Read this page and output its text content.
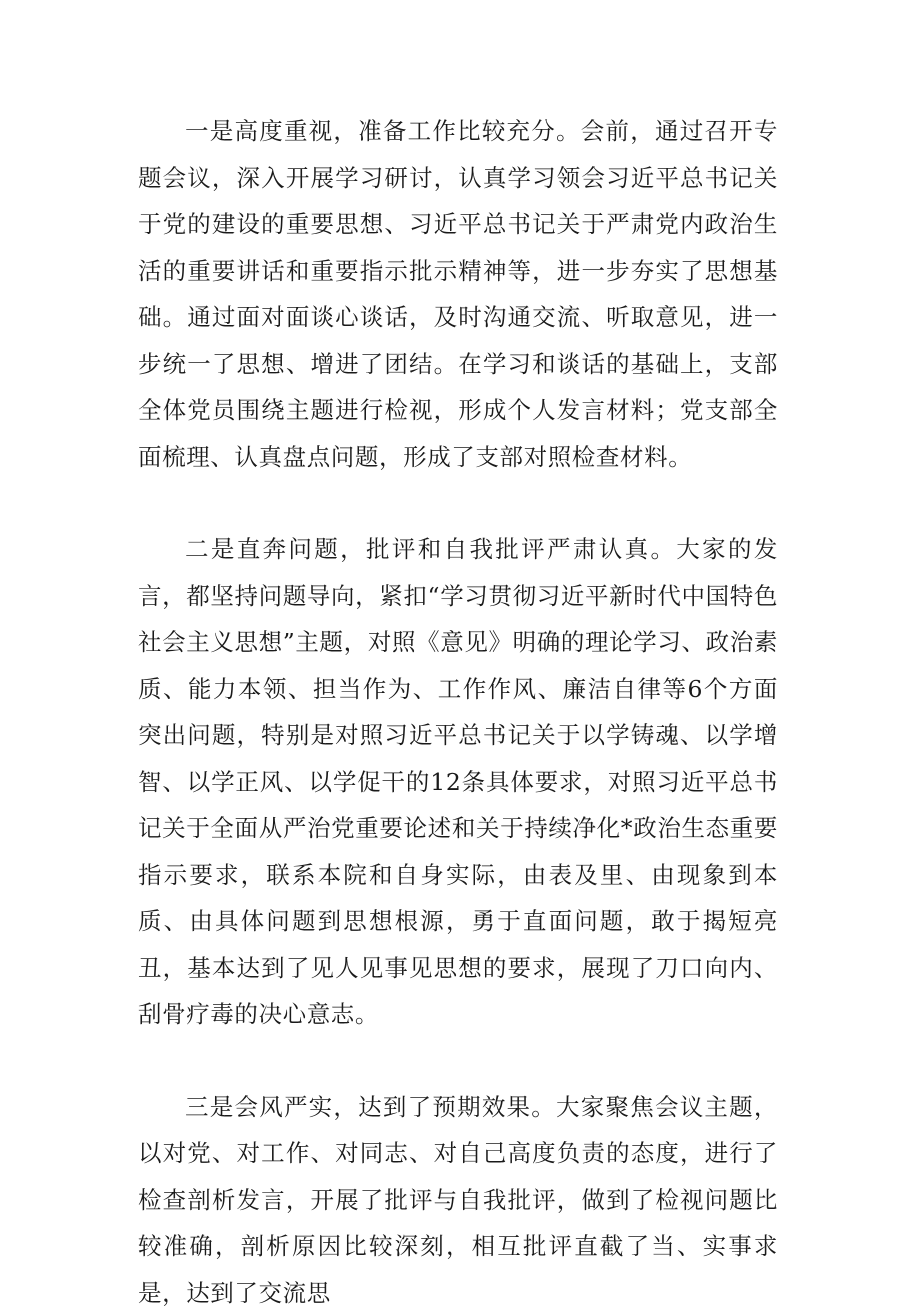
一是高度重视，准备工作比较充分。会前，通过召开专题会议，深入开展学习研讨，认真学习领会习近平总书记关于党的建设的重要思想、习近平总书记关于严肃党内政治生活的重要讲话和重要指示批示精神等，进一步夯实了思想基础。通过面对面谈心谈话，及时沟通交流、听取意见，进一步统一了思想、增进了团结。在学习和谈话的基础上，支部全体党员围绕主题进行检视，形成个人发言材料；党支部全面梳理、认真盘点问题，形成了支部对照检查材料。

二是直奔问题，批评和自我批评严肃认真。大家的发言，都坚持问题导向，紧扣“学习贯彻习近平新时代中国特色社会主义思想”主题，对照《意见》明确的理论学习、政治素质、能力本领、担当作为、工作作风、廉洁自律等6个方面突出问题，特别是对照习近平总书记关于以学铸魂、以学增智、以学正风、以学促干的12条具体要求，对照习近平总书记关于全面从严治党重要论述和关于持续净化*政治生态重要指示要求，联系本院和自身实际，由表及里、由现象到本质、由具体问题到思想根源，勇于直面问题，敢于揭短亮丑，基本达到了见人见事见思想的要求，展现了刀口向内、刮骨疗毒的决心意志。

三是会风严实，达到了预期效果。大家聚焦会议主题，以对党、对工作、对同志、对自己高度负责的态度，进行了检查剖析发言，开展了批评与自我批评，做到了检视问题比较准确，剖析原因比较深刻，相互批评直截了当、实事求是，达到了交流思
